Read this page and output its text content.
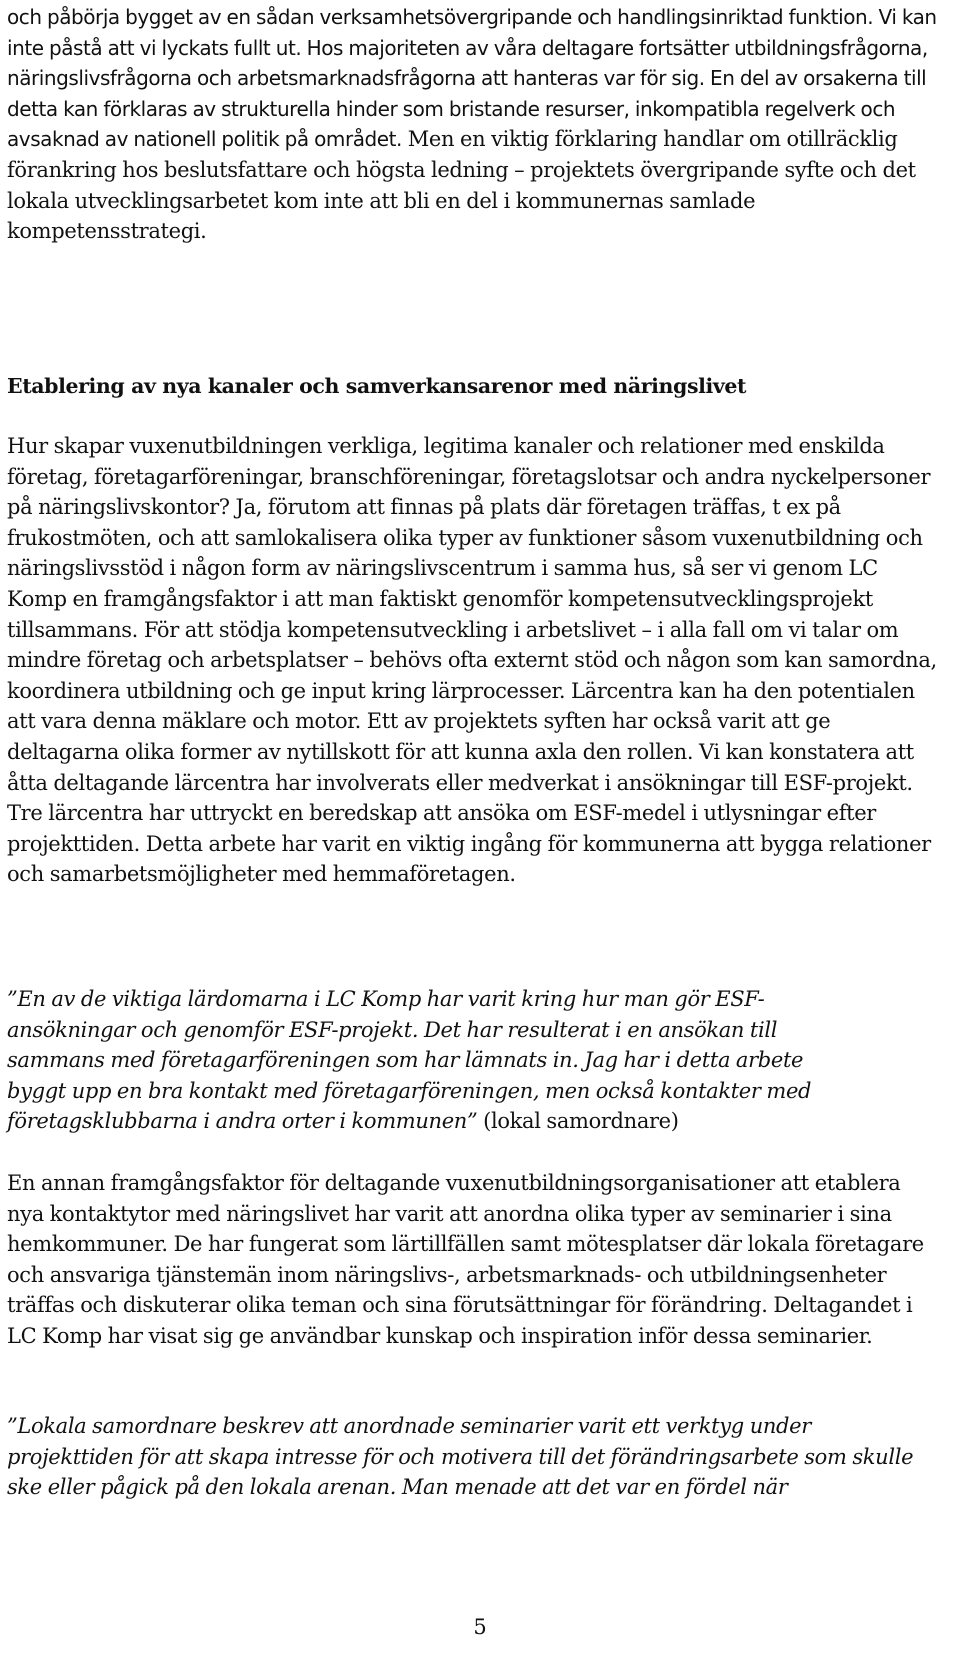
och påbörja bygget av en sådan verksamhetsövergripande och handlingsinriktad funktion. Vi kan inte påstå att vi lyckats fullt ut. Hos majoriteten av våra deltagare fortsätter utbildningsfrågorna, näringslivsfrågorna och arbetsmarknadsfrågorna att hanteras var för sig. En del av orsakerna till detta kan förklaras av strukturella hinder som bristande resurser, inkompatibla regelverk och avsaknad av nationell politik på området. Men en viktig förklaring handlar om otillräcklig förankring hos beslutsfattare och högsta ledning – projektets övergripande syfte och det lokala utvecklingsarbetet kom inte att bli en del i kommunernas samlade kompetensstrategi.

Etablering av nya kanaler och samverkansarenor med näringslivet

Hur skapar vuxenutbildningen verkliga, legitima kanaler och relationer med enskilda företag, företagarföreningar, branschföreningar, företagslotsar och andra nyckelpersoner på näringslivskontor? Ja, förutom att finnas på plats där företagen träffas, t ex på frukostmöten, och att samlokalisera olika typer av funktioner såsom vuxenutbildning och näringslivsstöd i någon form av näringslivscentrum i samma hus, så ser vi genom LC Komp en framgångsfaktor i att man faktiskt genomför kompetensutvecklingsprojekt tillsammans. För att stödja kompetensutveckling i arbetslivet – i alla fall om vi talar om mindre företag och arbetsplatser – behövs ofta externt stöd och någon som kan samordna, koordinera utbildning och ge input kring lärprocesser. Lärcentra kan ha den potentialen att vara denna mäklare och motor. Ett av projektets syften har också varit att ge deltagarna olika former av nytillskott för att kunna axla den rollen. Vi kan konstatera att åtta deltagande lärcentra har involverats eller medverkat i ansökningar till ESF-projekt. Tre lärcentra har uttryckt en beredskap att ansöka om ESF-medel i utlysningar efter projekttiden. Detta arbete har varit en viktig ingång för kommunerna att bygga relationer och samarbetsmöjligheter med hemmaföretagen.

”En av de viktiga lärdomarna i LC Komp har varit kring hur man gör ESF-ansökningar och genomför ESF-projekt. Det har resulterat i en ansökan till sammans med företagarföreningen som har lämnats in. Jag har i detta arbete byggt upp en bra kontakt med företagarföreningen, men också kontakter med företagsklubbarna i andra orter i kommunen” (lokal samordnare)

En annan framgångsfaktor för deltagande vuxenutbildningsorganisationer att etablera nya kontaktytor med näringslivet har varit att anordna olika typer av seminarier i sina hemkommuner. De har fungerat som lärtillfällen samt mötesplatser där lokala företagare och ansvariga tjänstemän inom näringslivs-, arbetsmarknads- och utbildningsenheter träffas och diskuterar olika teman och sina förutsättningar för förändring. Deltagandet i LC Komp har visat sig ge användbar kunskap och inspiration inför dessa seminarier.

”Lokala samordnare beskrev att anordnade seminarier varit ett verktyg under projekttiden för att skapa intresse för och motivera till det förändringsarbete som skulle ske eller pågick på den lokala arenan. Man menade att det var en fördel när

5
